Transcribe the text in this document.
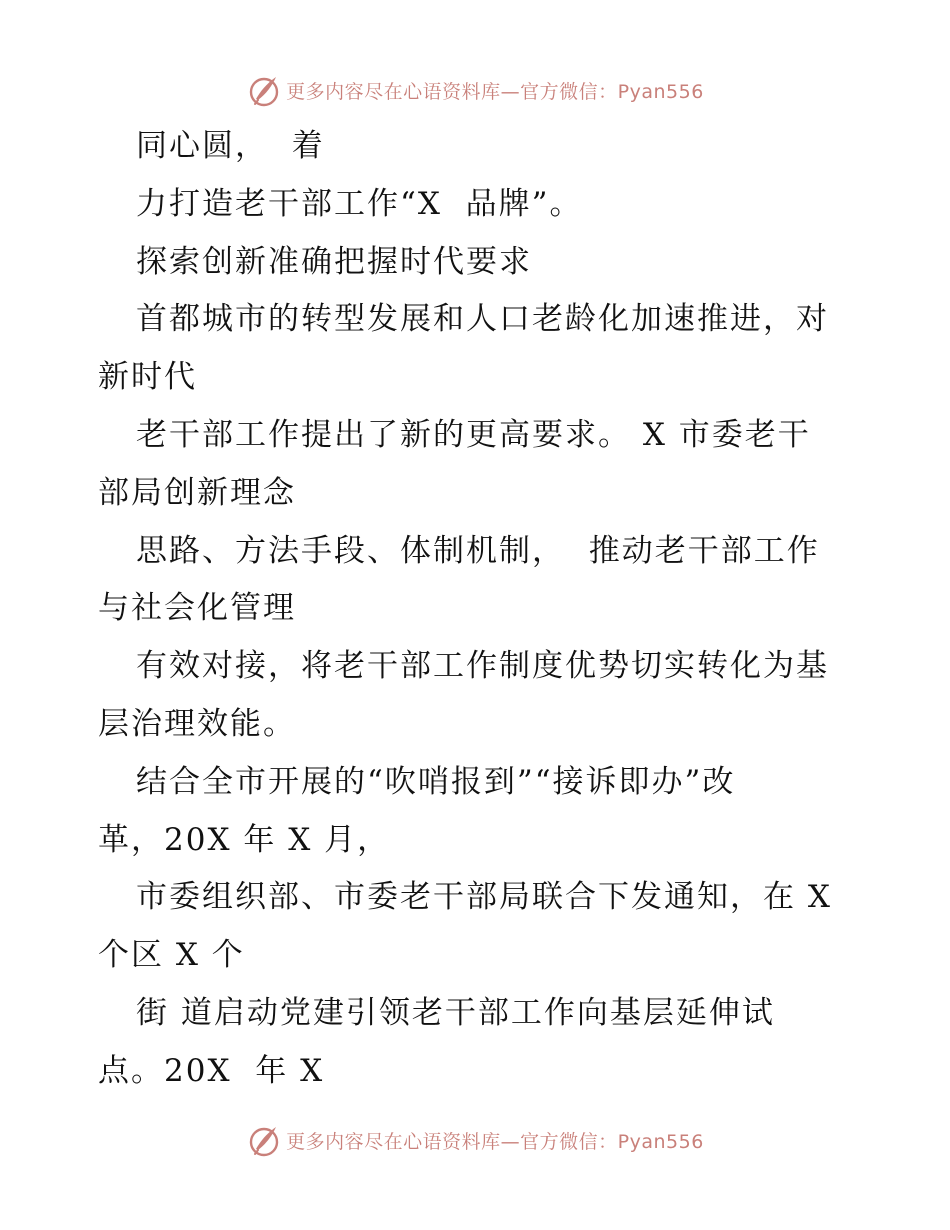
更多内容尽在心语资料库—官方微信：Pyan556
同心圆，  着
力打造老干部工作“X  品牌”。
探索创新准确把握时代要求
首都城市的转型发展和人口老龄化加速推进，对
新时代
老干部工作提出了新的更高要求。 X 市委老干
部局创新理念
思路、方法手段、体制机制，  推动老干部工作
与社会化管理
有效对接，将老干部工作制度优势切实转化为基
层治理效能。
结合全市开展的“吹哨报到”“接诉即办”改
革，20X 年 X 月，
市委组织部、市委老干部局联合下发通知，在 X
个区 X 个
街 道启动党建引领老干部工作向基层延伸试
点。20X  年 X
更多内容尽在心语资料库—官方微信：Pyan556
